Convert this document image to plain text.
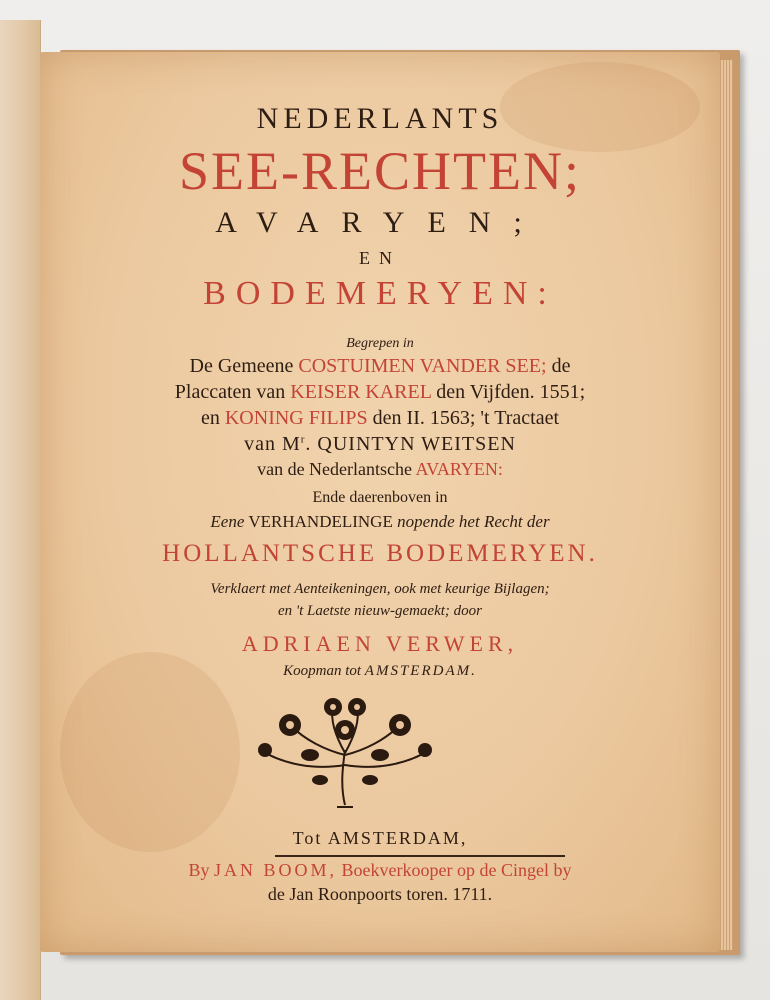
NEDERLANTS
SEE-RECHTEN;
AVARYEN;
EN
BODEMERYEN:
Begrepen in
De Gemeene COSTUIMEN VANDER SEE; de
Placcaten van KEISER KAREL den Vijfden. 1551;
en KONING FILIPS den II. 1563; 't Tractaet
van $M^r$. QUINTYN WEITSEN
van de Nederlantsche AVARYEN:
Ende daerenboven in
Eene VERHANDELINGE nopende het Recht der
HOLLANTSCHE BODEMERYEN.
Verklaert met Aenteikeningen, ook met keurige Bijlagen;
en 't Laetste nieuw-gemaekt; door
ADRIAEN VERWER,
Koopman tot AMSTERDAM.
Tot AMSTERDAM,
By JAN BOOM, Boekverkooper op de Cingel by
de Jan Roonpoorts toren. 1711.
